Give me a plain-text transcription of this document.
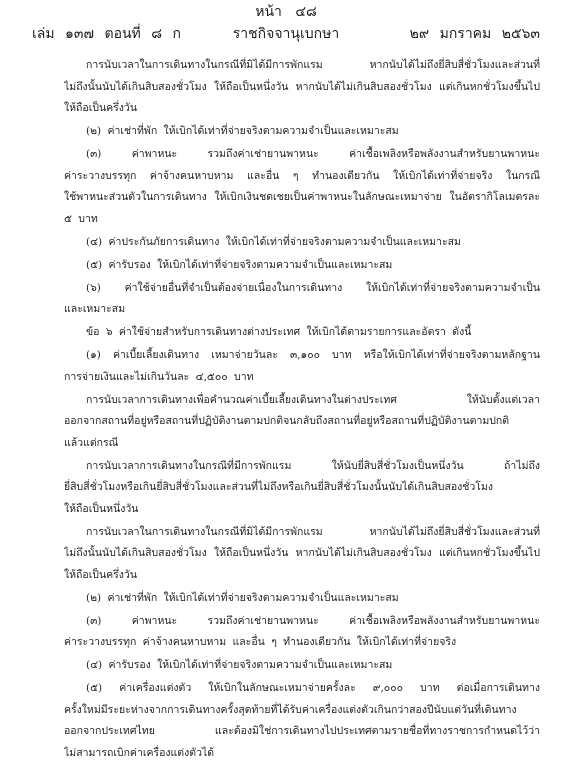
หน้า ๔๘
เล่ม ๑๓๗ ตอนที่ ๘ ก	ราชกิจจานุเบกษา	๒๙ มกราคม ๒๕๖๓
การนับเวลาในการเดินทางในกรณีที่มิได้มีการพักแรม หากนับได้ไม่ถึงยี่สิบสี่ชั่วโมงและส่วนที่
ไม่ถึงนั้นนับได้เกินสิบสองชั่วโมง ให้ถือเป็นหนึ่งวัน หากนับได้ไม่เกินสิบสองชั่วโมง แต่เกินหกชั่วโมงขึ้นไป
ให้ถือเป็นครึ่งวัน
(๒) ค่าเช่าที่พัก ให้เบิกได้เท่าที่จ่ายจริงตามความจำเป็นและเหมาะสม
(๓) ค่าพาหนะ รวมถึงค่าเช่ายานพาหนะ ค่าเชื้อเพลิงหรือพลังงานสำหรับยานพาหนะ
ค่าระวางบรรทุก ค่าจ้างคนหาบหาม และอื่น ๆ ทำนองเดียวกัน ให้เบิกได้เท่าที่จ่ายจริง ในกรณี
ใช้พาหนะส่วนตัวในการเดินทาง ให้เบิกเงินชดเชยเป็นค่าพาหนะในลักษณะเหมาจ่าย ในอัตรากิโลเมตรละ
๕ บาท
(๔) ค่าประกันภัยการเดินทาง ให้เบิกได้เท่าที่จ่ายจริงตามความจำเป็นและเหมาะสม
(๕) ค่ารับรอง ให้เบิกได้เท่าที่จ่ายจริงตามความจำเป็นและเหมาะสม
(๖) ค่าใช้จ่ายอื่นที่จำเป็นต้องจ่ายเนื่องในการเดินทาง ให้เบิกได้เท่าที่จ่ายจริงตามความจำเป็น
และเหมาะสม
ข้อ ๖ ค่าใช้จ่ายสำหรับการเดินทางต่างประเทศ ให้เบิกได้ตามรายการและอัตรา ดังนี้
(๑) ค่าเบี้ยเลี้ยงเดินทาง เหมาจ่ายวันละ ๓,๑๐๐ บาท หรือให้เบิกได้เท่าที่จ่ายจริงตามหลักฐาน
การจ่ายเงินและไม่เกินวันละ ๔,๕๐๐ บาท
การนับเวลาการเดินทางเพื่อคำนวณค่าเบี้ยเลี้ยงเดินทางในต่างประเทศ ให้นับตั้งแต่เวลา
ออกจากสถานที่อยู่หรือสถานที่ปฏิบัติงานตามปกติจนกลับถึงสถานที่อยู่หรือสถานที่ปฏิบัติงานตามปกติ
แล้วแต่กรณี
การนับเวลาการเดินทางในกรณีที่มีการพักแรม ให้นับยี่สิบสี่ชั่วโมงเป็นหนึ่งวัน ถ้าไม่ถึง
ยี่สิบสี่ชั่วโมงหรือเกินยี่สิบสี่ชั่วโมงและส่วนที่ไม่ถึงหรือเกินยี่สิบสี่ชั่วโมงนั้นนับได้เกินสิบสองชั่วโมง
ให้ถือเป็นหนึ่งวัน
การนับเวลาในการเดินทางในกรณีที่มิได้มีการพักแรม หากนับได้ไม่ถึงยี่สิบสี่ชั่วโมงและส่วนที่
ไม่ถึงนั้นนับได้เกินสิบสองชั่วโมง ให้ถือเป็นหนึ่งวัน หากนับได้ไม่เกินสิบสองชั่วโมง แต่เกินหกชั่วโมงขึ้นไป
ให้ถือเป็นครึ่งวัน
(๒) ค่าเช่าที่พัก ให้เบิกได้เท่าที่จ่ายจริงตามความจำเป็นและเหมาะสม
(๓) ค่าพาหนะ รวมถึงค่าเช่ายานพาหนะ ค่าเชื้อเพลิงหรือพลังงานสำหรับยานพาหนะ
ค่าระวางบรรทุก ค่าจ้างคนหาบหาม และอื่น ๆ ทำนองเดียวกัน ให้เบิกได้เท่าที่จ่ายจริง
(๔) ค่ารับรอง ให้เบิกได้เท่าที่จ่ายจริงตามความจำเป็นและเหมาะสม
(๕) ค่าเครื่องแต่งตัว ให้เบิกในลักษณะเหมาจ่ายครั้งละ ๙,๐๐๐ บาท ต่อเมื่อการเดินทาง
ครั้งใหม่มีระยะห่างจากการเดินทางครั้งสุดท้ายที่ได้รับค่าเครื่องแต่งตัวเกินกว่าสองปีนับแต่วันที่เดินทาง
ออกจากประเทศไทย และต้องมิใช่การเดินทางไปประเทศตามรายชื่อที่ทางราชการกำหนดไว้ว่า
ไม่สามารถเบิกค่าเครื่องแต่งตัวได้
